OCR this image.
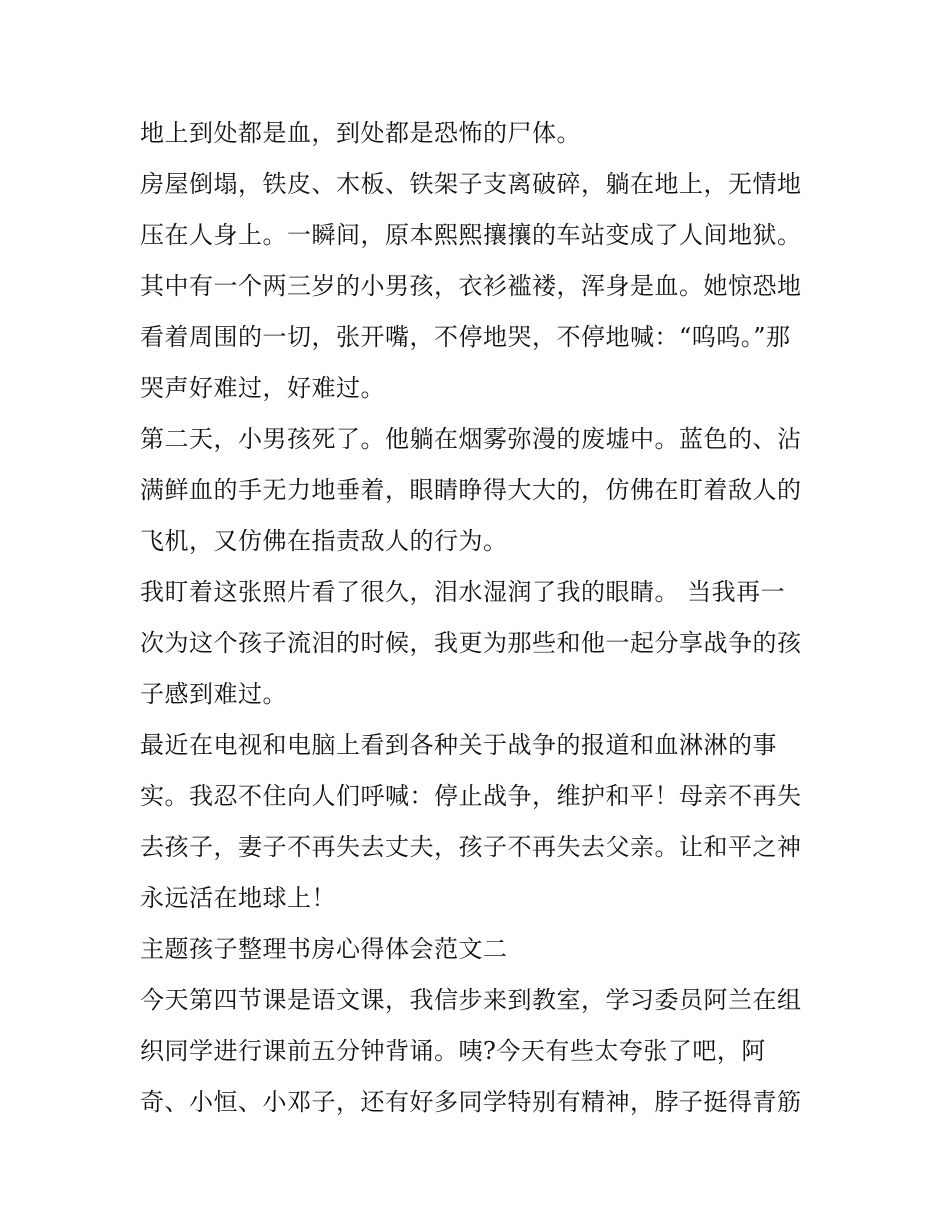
地上到处都是血，到处都是恐怖的尸体。
房屋倒塌，铁皮、木板、铁架子支离破碎，躺在地上，无情地
压在人身上。一瞬间，原本熙熙攘攘的车站变成了人间地狱。
其中有一个两三岁的小男孩，衣衫褴褛，浑身是血。她惊恐地
看着周围的一切，张开嘴，不停地哭，不停地喊：“呜呜。”那
哭声好难过，好难过。
第二天，小男孩死了。他躺在烟雾弥漫的废墟中。蓝色的、沾
满鲜血的手无力地垂着，眼睛睁得大大的，仿佛在盯着敌人的
飞机，又仿佛在指责敌人的行为。
我盯着这张照片看了很久，泪水湿润了我的眼睛。 当我再一
次为这个孩子流泪的时候，我更为那些和他一起分享战争的孩
子感到难过。
最近在电视和电脑上看到各种关于战争的报道和血淋淋的事
实。我忍不住向人们呼喊：停止战争，维护和平！母亲不再失
去孩子，妻子不再失去丈夫，孩子不再失去父亲。让和平之神
永远活在地球上！
主题孩子整理书房心得体会范文二
今天第四节课是语文课，我信步来到教室，学习委员阿兰在组
织同学进行课前五分钟背诵。咦?今天有些太夸张了吧，阿
奇、小恒、小邓子，还有好多同学特别有精神，脖子挺得青筋
